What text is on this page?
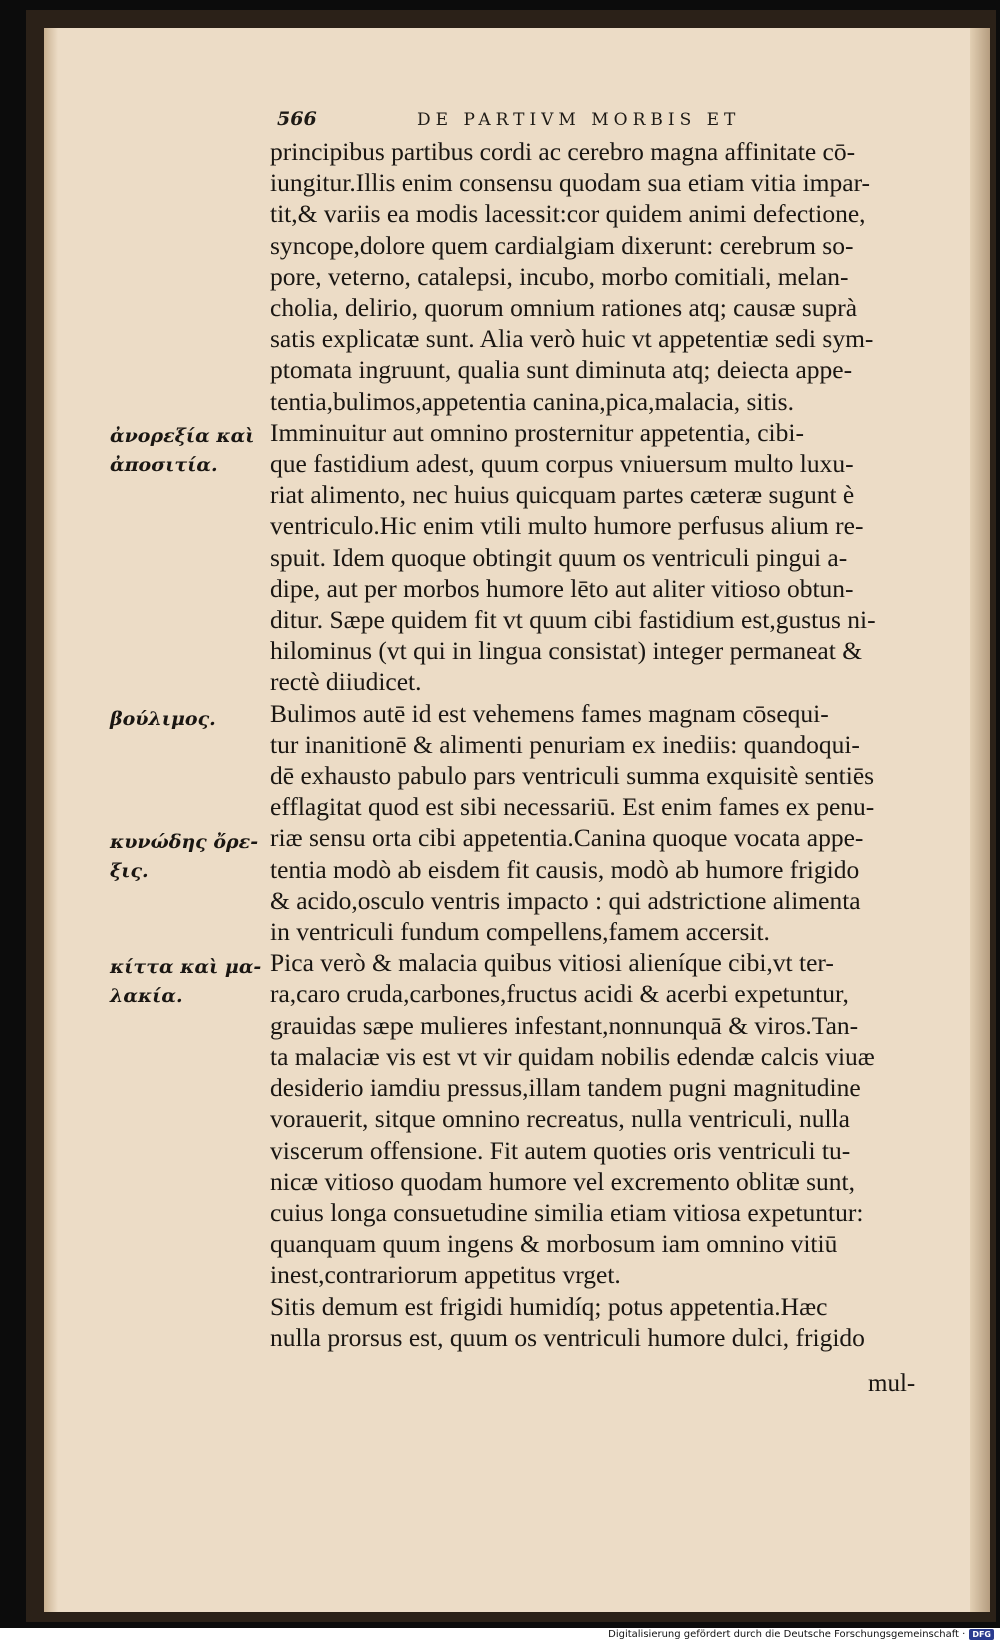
566	DE PARTIVM MORBIS ET
principibus partibus cordi ac cerebro magna affinitate cō-
iungitur.Illis enim consensu quodam sua etiam vitia impar-
tit,& variis ea modis lacessit:cor quidem animi defectione,
syncope,dolore quem cardialgiam dixerunt: cerebrum so-
pore, veterno, catalepsi, incubo, morbo comitiali, melan-
cholia, delirio, quorum omnium rationes atq; causæ suprà
satis explicatæ sunt. Alia verò huic vt appetentiæ sedi sym-
ptomata ingruunt, qualia sunt diminuta atq; deiecta appe-
tentia,bulimos,appetentia canina,pica,malacia, sitis.
Imminuitur aut omnino prosternitur appetentia, cibi-
que fastidium adest, quum corpus vniuersum multo luxu-
riat alimento, nec huius quicquam partes cæteræ sugunt è
ventriculo.Hic enim vtili multo humore perfusus alium re-
spuit. Idem quoque obtingit quum os ventriculi pingui a-
dipe, aut per morbos humore lēto aut aliter vitioso obtun-
ditur. Sæpe quidem fit vt quum cibi fastidium est,gustus ni-
hilominus (vt qui in lingua consistat) integer permaneat &
rectè diiudicet.
Bulimos autē id est vehemens fames magnam cōsequi-
tur inanitionē & alimenti penuriam ex inediis: quandoqui-
dē exhausto pabulo pars ventriculi summa exquisitè sentiēs
efflagitat quod est sibi necessariū. Est enim fames ex penu-
riæ sensu orta cibi appetentia.Canina quoque vocata appe-
tentia modò ab eisdem fit causis, modò ab humore frigido
& acido,osculo ventris impacto : qui adstrictione alimenta
in ventriculi fundum compellens,famem accersit.
Pica verò & malacia quibus vitiosi alieníque cibi,vt ter-
ra,caro cruda,carbones,fructus acidi & acerbi expetuntur,
grauidas sæpe mulieres infestant,nonnunquā & viros.Tan-
ta malaciæ vis est vt vir quidam nobilis edendæ calcis viuæ
desiderio iamdiu pressus,illam tandem pugni magnitudine
vorauerit, sitque omnino recreatus, nulla ventriculi, nulla
viscerum offensione. Fit autem quoties oris ventriculi tu-
nicæ vitioso quodam humore vel excremento oblitæ sunt,
cuius longa consuetudine similia etiam vitiosa expetuntur:
quanquam quum ingens & morbosum iam omnino vitiū
inest,contrariorum appetitus vrget.
Sitis demum est frigidi humidíq; potus appetentia.Hæc
nulla prorsus est, quum os ventriculi humore dulci, frigido
ἀνορεξία καὶ
ἀποσιτία.
βούλιμος.
κυνώδης ὄρε-
ξις.
κίττα καὶ μα-
λακία.
mul-
Digitalisierung gefördert durch die Deutsche Forschungsgemeinschaft · DFG
